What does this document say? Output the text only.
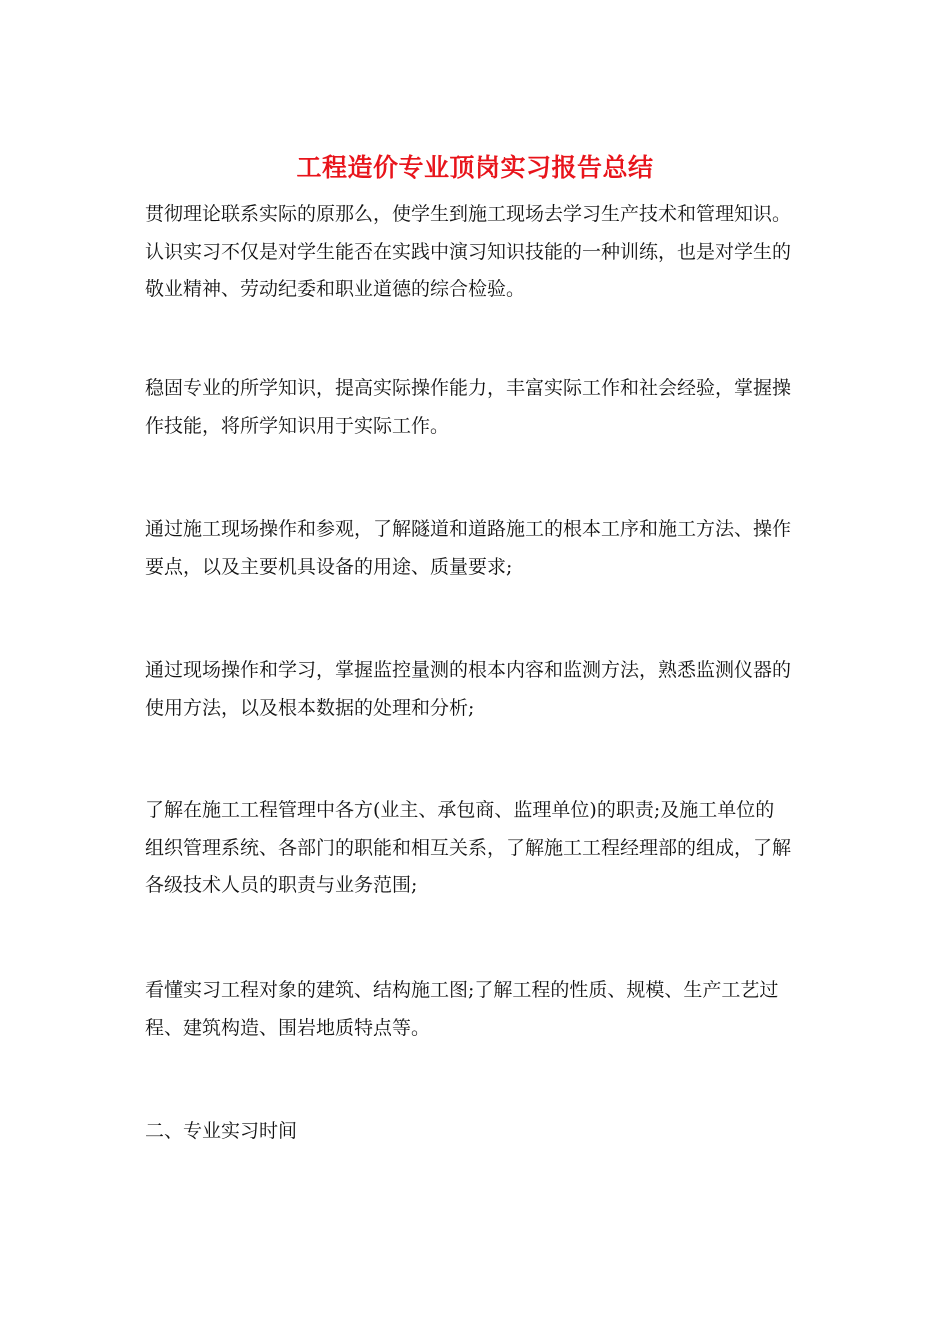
工程造价专业顶岗实习报告总结

贯彻理论联系实际的原那么，使学生到施工现场去学习生产技术和管理知识。
认识实习不仅是对学生能否在实践中演习知识技能的一种训练，也是对学生的
敬业精神、劳动纪委和职业道德的综合检验。

稳固专业的所学知识，提高实际操作能力，丰富实际工作和社会经验，掌握操
作技能，将所学知识用于实际工作。

通过施工现场操作和参观，了解隧道和道路施工的根本工序和施工方法、操作
要点，以及主要机具设备的用途、质量要求;

通过现场操作和学习，掌握监控量测的根本内容和监测方法，熟悉监测仪器的
使用方法，以及根本数据的处理和分析;

了解在施工工程管理中各方(业主、承包商、监理单位)的职责;及施工单位的
组织管理系统、各部门的职能和相互关系，了解施工工程经理部的组成，了解
各级技术人员的职责与业务范围;

看懂实习工程对象的建筑、结构施工图;了解工程的性质、规模、生产工艺过
程、建筑构造、围岩地质特点等。

二、专业实习时间
